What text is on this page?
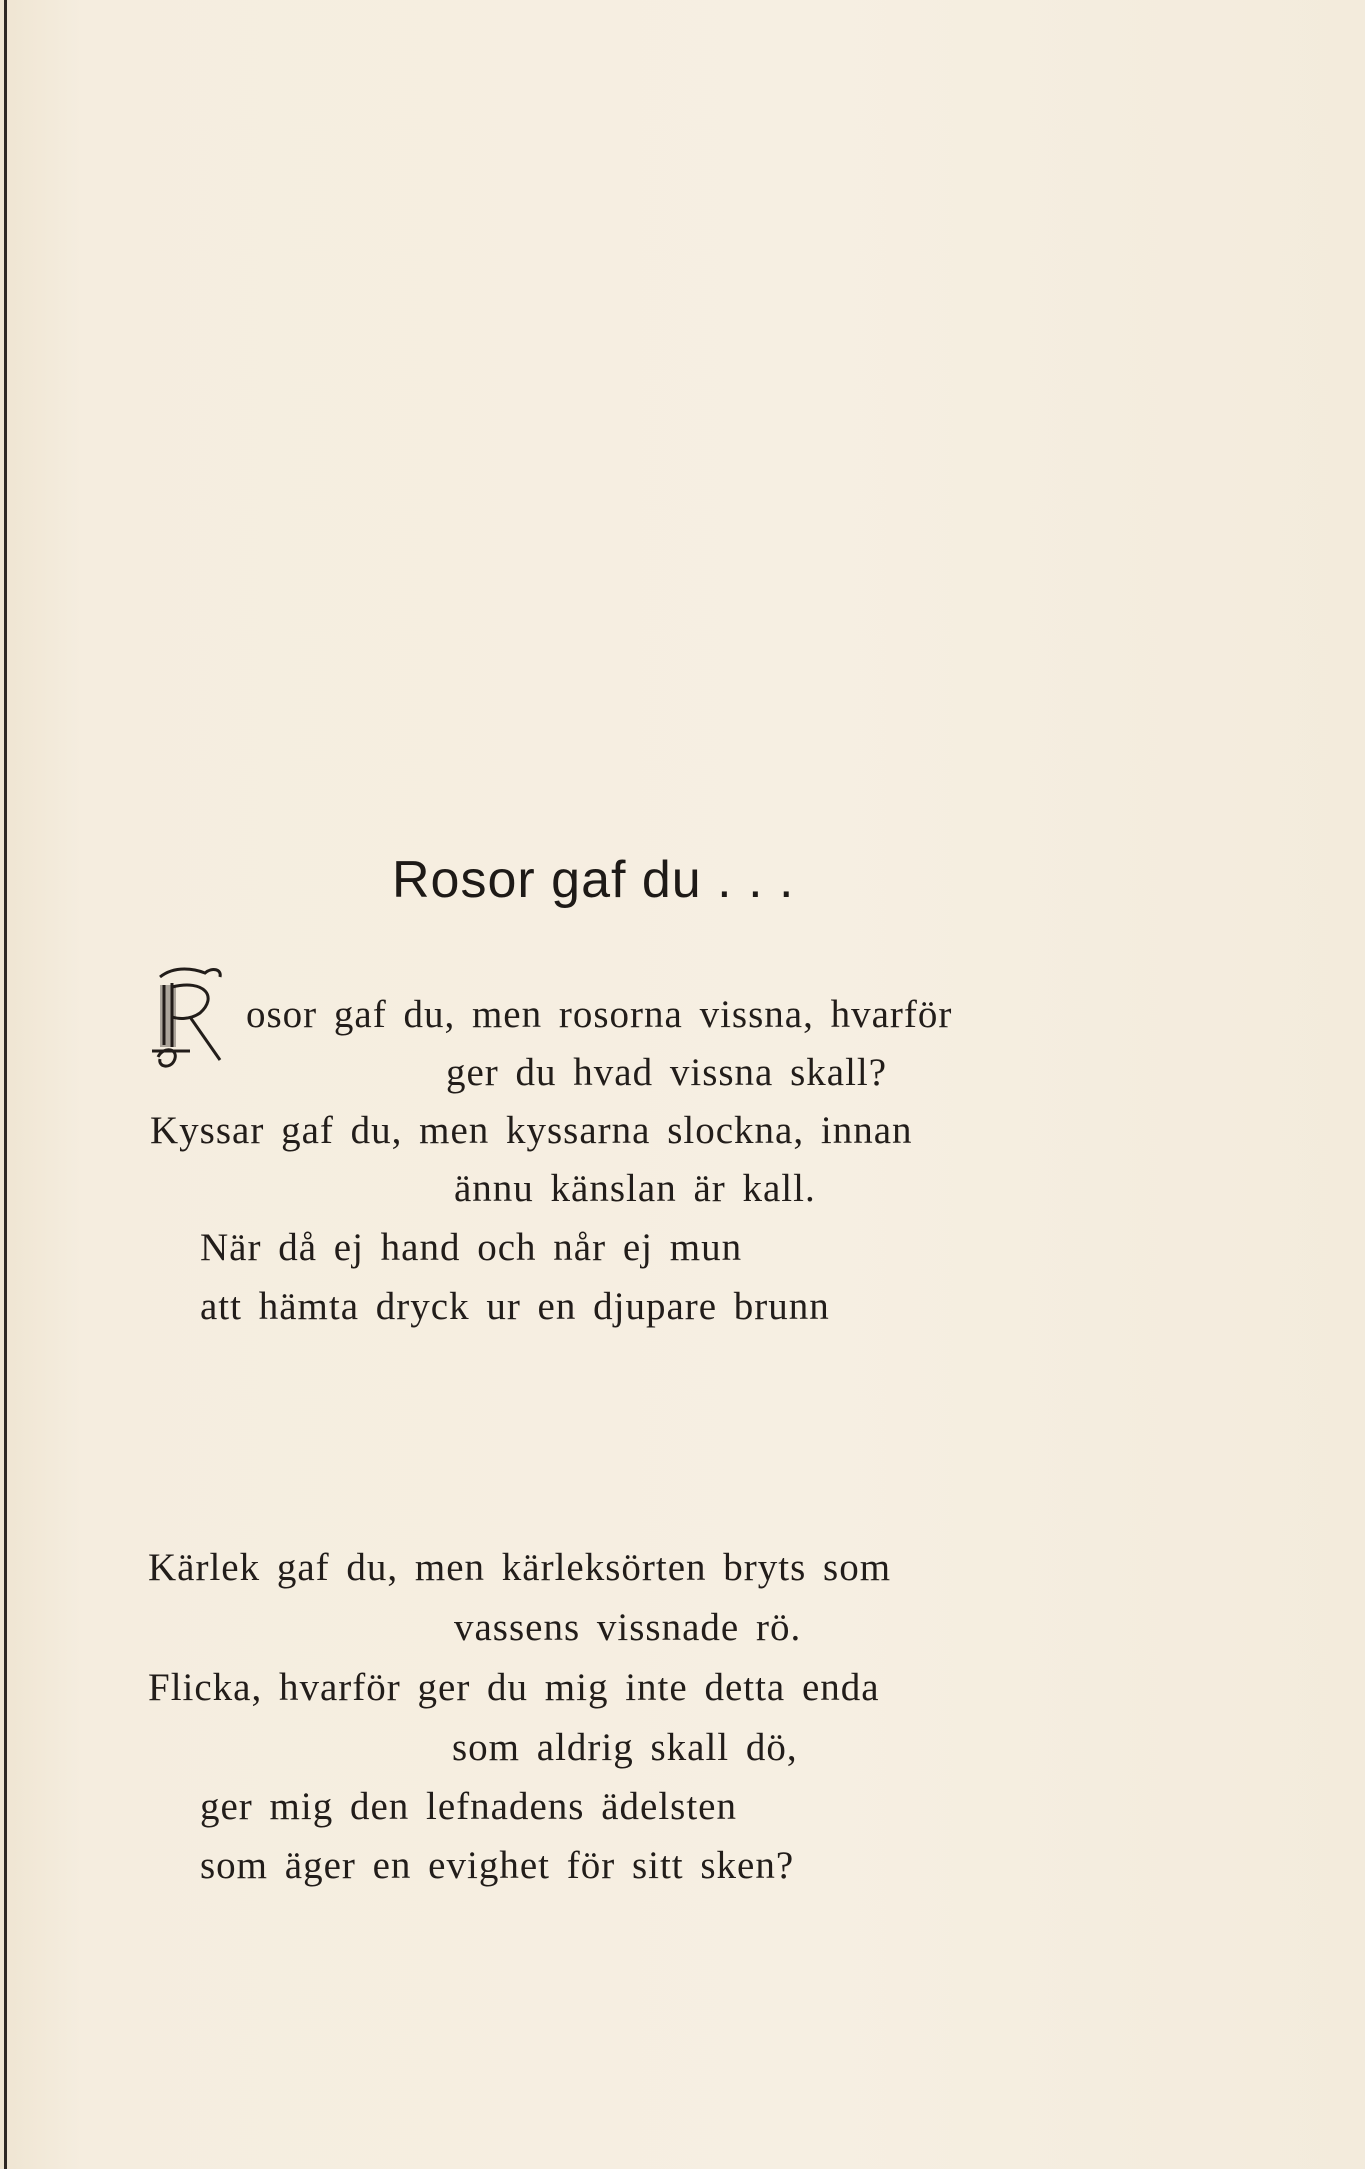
Rosor gaf du . . .
osor gaf du, men rosorna vissna, hvarför
ger du hvad vissna skall?
Kyssar gaf du, men kyssarna slockna, innan
ännu känslan är kall.
När då ej hand och når ej mun
att hämta dryck ur en djupare brunn
Kärlek gaf du, men kärleksörten bryts som
vassens vissnade rö.
Flicka, hvarför ger du mig inte detta enda
som aldrig skall dö,
ger mig den lefnadens ädelsten
som äger en evighet för sitt sken?
